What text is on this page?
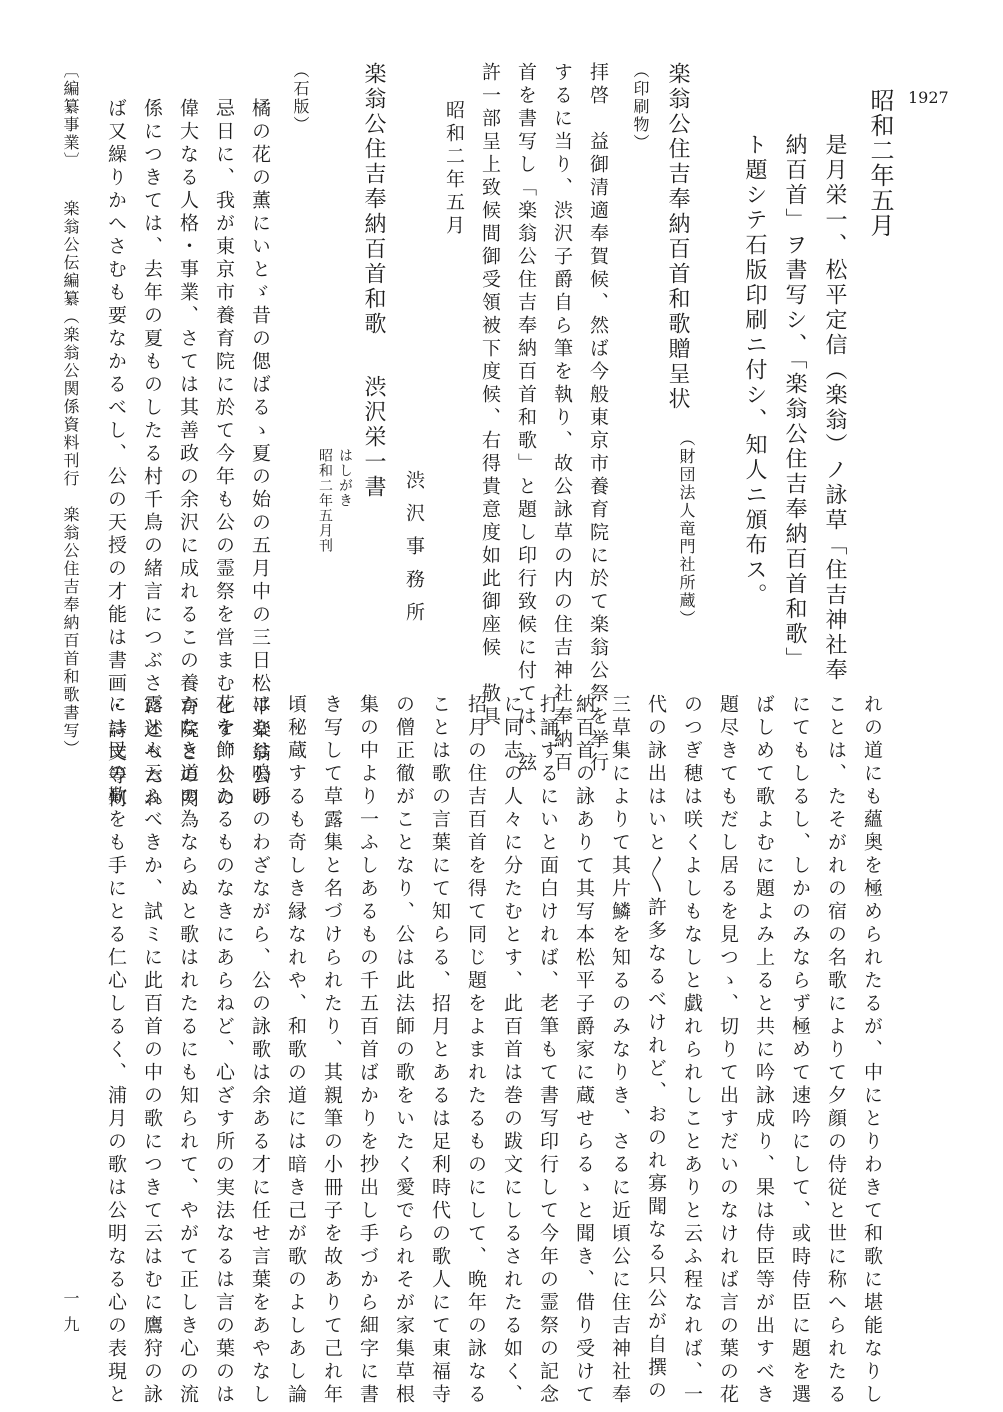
1927
昭和二年五月
是月栄一、松平定信（楽翁）ノ詠草「住吉神社奉
納百首」ヲ書写シ、「楽翁公住吉奉納百首和歌」
ト題シテ石版印刷ニ付シ、知人ニ頒布ス。
（財団法人竜門社所蔵）
楽翁公住吉奉納百首和歌贈呈状
（印刷物）
拝啓　益御清適奉賀候、然ば今般東京市養育院に於て楽翁公祭を挙行
するに当り、渋沢子爵自ら筆を執り、故公詠草の内の住吉神社奉納百
首を書写し「楽翁公住吉奉納百首和歌」と題し印行致候に付ては、玆
許一部呈上致候間御受領被下度候、右得貴意度如此御座候　敬具
昭和二年五月
渋沢事務所
楽翁公住吉奉納百首和歌
渋沢栄一書
はしがき
昭和二年五月刊
（石版）
橘の花の薫にいとゞ昔の偲ばるゝ夏の始の五月中の三日松平楽翁公の
忌日に、我が東京市養育院に於て今年も公の霊祭を営まむとす、公の
偉大なる人格・事業、さては其善政の余沢に成れるこの養育院との関
係につきては、去年の夏ものしたる村千鳥の緒言につぶさに述べたれ
ば又繰りかへさむも要なかるべし、公の天授の才能は書画・詩文等何
れの道にも蘊奥を極められたるが、中にとりわきて和歌に堪能なりし
ことは、たそがれの宿の名歌によりて夕顔の侍従と世に称へられたる
にてもしるし、しかのみならず極めて速吟にして、或時侍臣に題を選
ばしめて歌よむに題よみ上ると共に吟詠成り、果は侍臣等が出すべき
題尽きてもだし居るを見つゝ、切りて出すだいのなければ言の葉の花
のつぎ穂は咲くよしもなしと戯れられしことありと云ふ程なれば、一
代の詠出はいと〳〵許多なるべけれど、おのれ寡聞なる只公が自撰の
三草集によりて其片鱗を知るのみなりき、さるに近頃公に住吉神社奉
納百首の詠ありて其写本松平子爵家に蔵せらるゝと聞き、借り受けて
打誦するにいと面白ければ、老筆もて書写印行して今年の霊祭の記念
に同志の人々に分たむとす、此百首は巻の跋文にしるされたる如く、
招月の住吉百首を得て同じ題をよまれたるものにして、晩年の詠なる
ことは歌の言葉にて知らる、招月とあるは足利時代の歌人にて東福寺
の僧正徹がことなり、公は此法師の歌をいたく愛でられそが家集草根
集の中より一ふしあるもの千五百首ばかりを抄出し手づから細字に書
き写して草露集と名づけられたり、其親筆の小冊子を故ありて己れ年
頃秘蔵するも奇しき縁なれや、和歌の道には暗き己が歌のよしあし論
はむは嗚呼のわざながら、公の詠歌は余ある才に任せ言葉をあやなし
花を飾りたるものなきにあらねど、心ざす所の実法なるは言の葉のは
かなき道の為ならぬと歌はれたるにも知られて、やがて正しき心の流
露とも云ふべきか、試ミに此百首の中の歌につきて云はむに鷹狩の詠
には民の歎をも手にとる仁心しるく、浦月の歌は公明なる心の表現と
〔編纂事業〕
楽翁公伝編纂（楽翁公関係資料刊行　楽翁公住吉奉納百首和歌書写）
一九
